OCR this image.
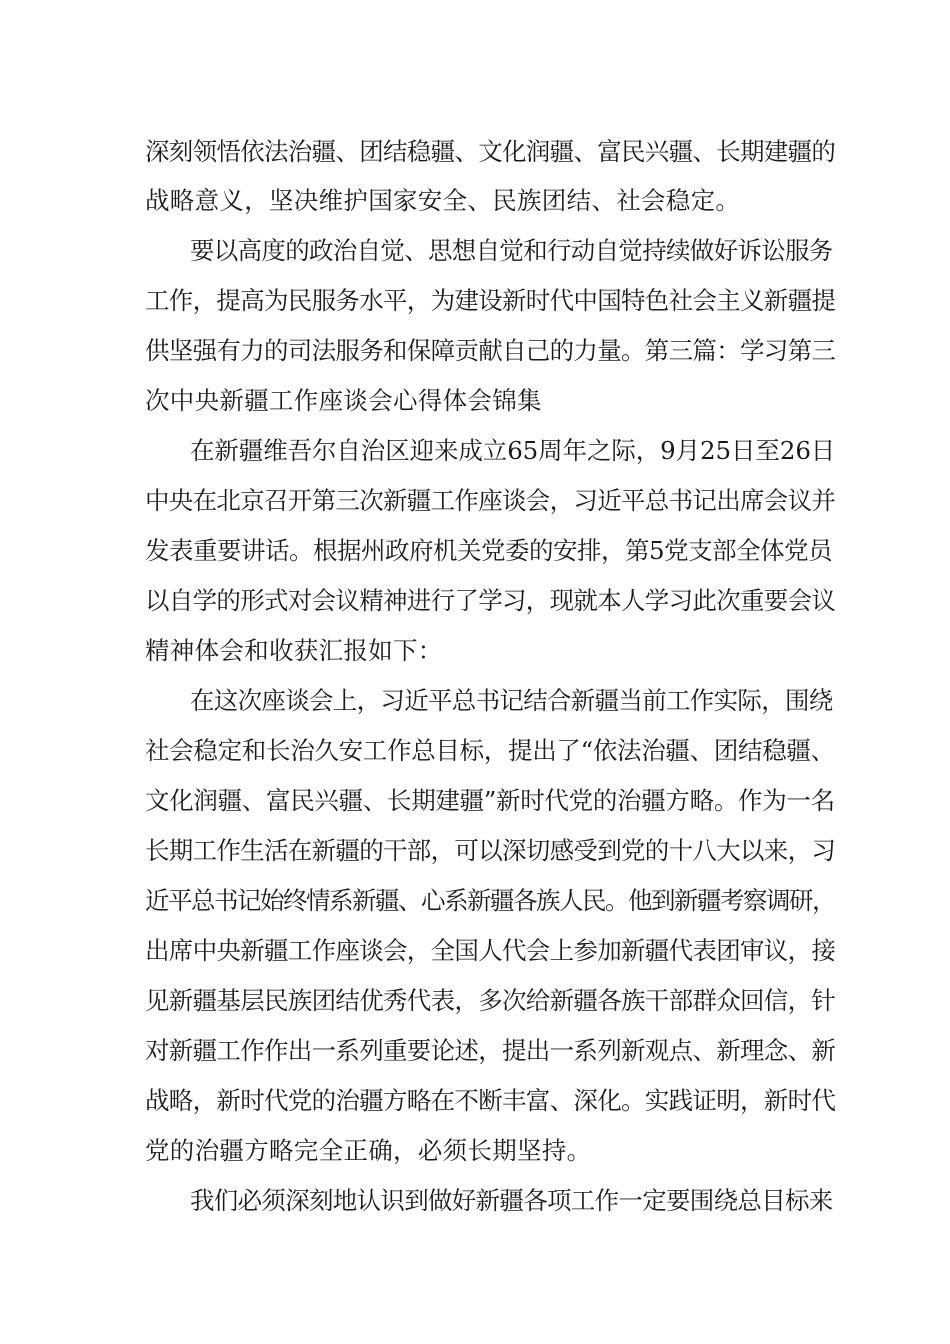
深刻领悟依法治疆、团结稳疆、文化润疆、富民兴疆、长期建疆的
战略意义，坚决维护国家安全、民族团结、社会稳定。
要以高度的政治自觉、思想自觉和行动自觉持续做好诉讼服务
工作，提高为民服务水平，为建设新时代中国特色社会主义新疆提
供坚强有力的司法服务和保障贡献自己的力量。第三篇：学习第三
次中央新疆工作座谈会心得体会锦集
在新疆维吾尔自治区迎来成立65周年之际，9月25日至26日
中央在北京召开第三次新疆工作座谈会，习近平总书记出席会议并
发表重要讲话。根据州政府机关党委的安排，第5党支部全体党员
以自学的形式对会议精神进行了学习，现就本人学习此次重要会议
精神体会和收获汇报如下：
在这次座谈会上，习近平总书记结合新疆当前工作实际，围绕
社会稳定和长治久安工作总目标，提出了“依法治疆、团结稳疆、
文化润疆、富民兴疆、长期建疆”新时代党的治疆方略。作为一名
长期工作生活在新疆的干部，可以深切感受到党的十八大以来，习
近平总书记始终情系新疆、心系新疆各族人民。他到新疆考察调研，
出席中央新疆工作座谈会，全国人代会上参加新疆代表团审议，接
见新疆基层民族团结优秀代表，多次给新疆各族干部群众回信，针
对新疆工作作出一系列重要论述，提出一系列新观点、新理念、新
战略，新时代党的治疆方略在不断丰富、深化。实践证明，新时代
党的治疆方略完全正确，必须长期坚持。
我们必须深刻地认识到做好新疆各项工作一定要围绕总目标来
